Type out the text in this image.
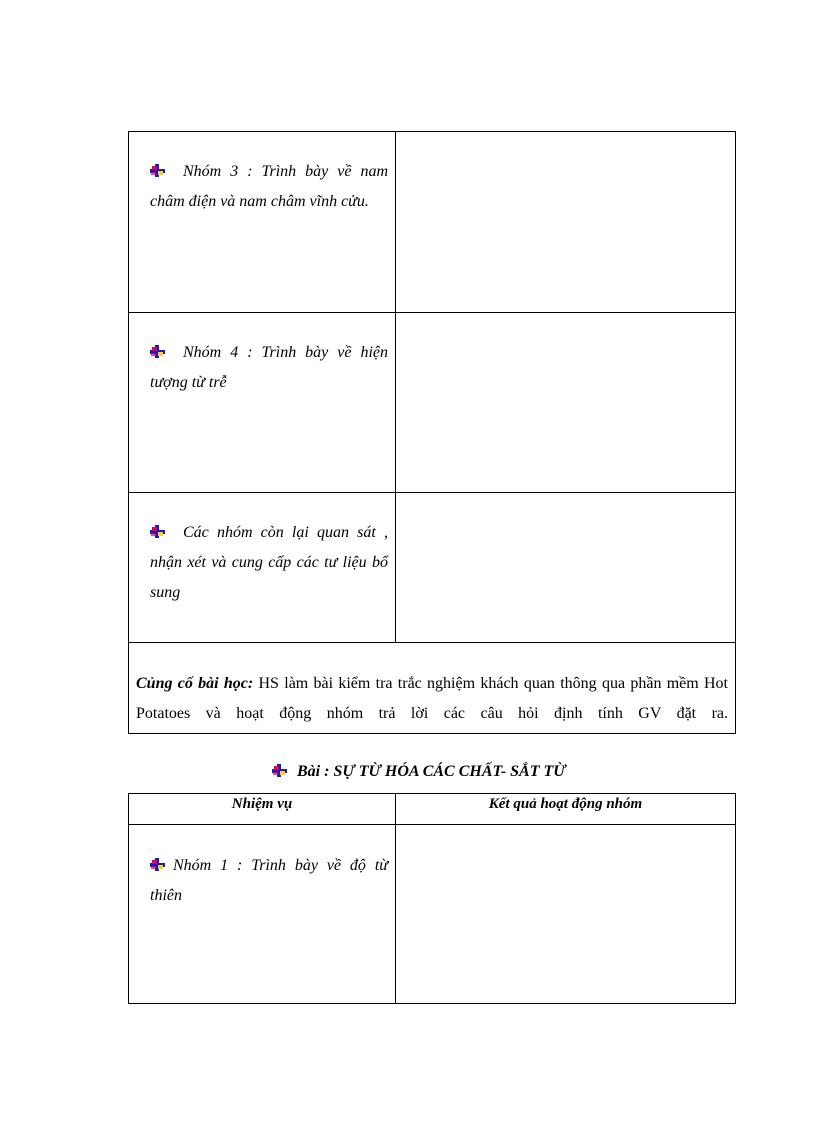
Nhóm 3 : Trình bày về nam châm điện và nam châm vĩnh cửu.
Nhóm 4 : Trình bày về hiện tượng từ trễ
Các nhóm còn lại quan sát , nhận xét và cung cấp các tư liệu bổ sung
Củng cố bài học: HS làm bài kiểm tra trắc nghiệm khách quan thông qua phần mềm Hot Potatoes và hoạt động nhóm trả lời các câu hỏi định tính GV đặt ra.
Bài : SỰ TỪ HÓA CÁC CHẤT- SẮT TỪ
Nhiệm vụ	Kết quả hoạt động nhóm
Nhóm 1 : Trình bày về độ từ thiên
